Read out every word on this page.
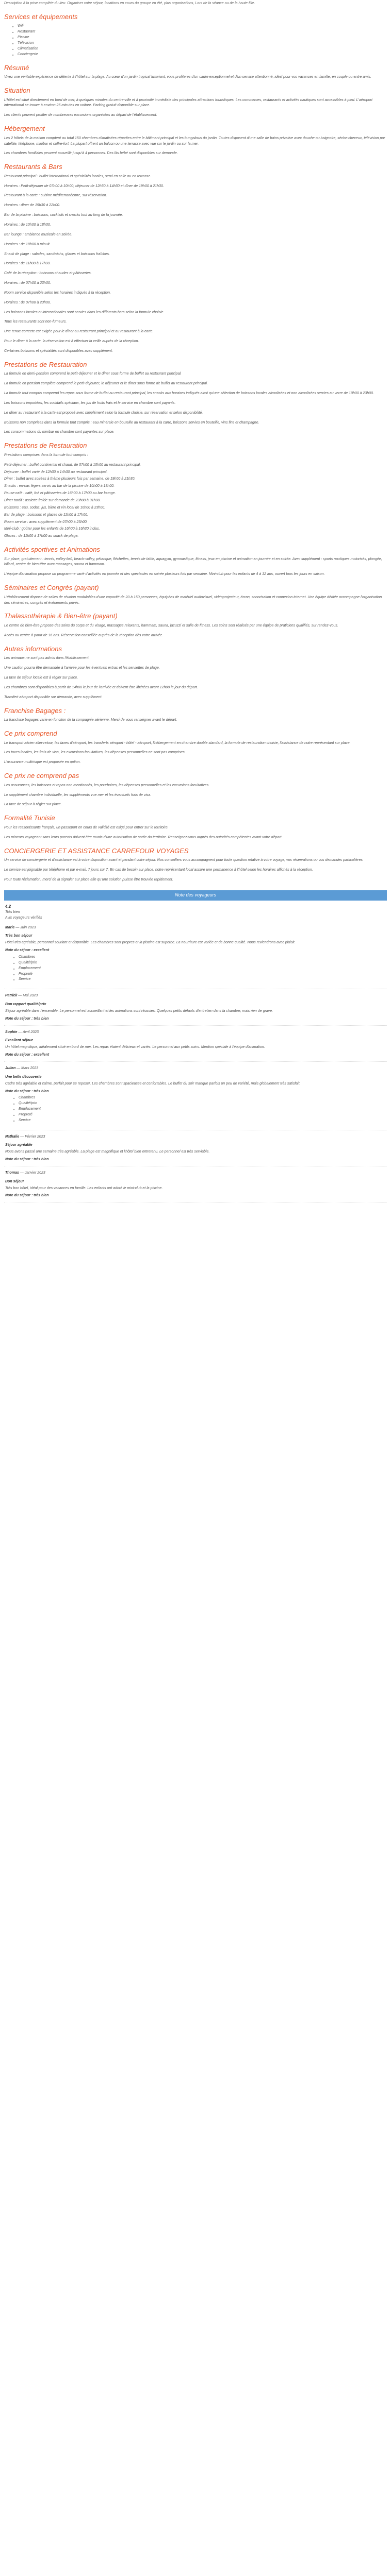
Description à la prise complète du lieu: Organiser votre séjour, locations en cours du groupe en été, plus organisations, Lors de la séance ou de la haute fille.

Services et équipements
■ Wifi
■ Restaurant
■ Piscine
■ Télévision
■ Climatisation
■ Conciergerie
Résumé

Vivez une véritable expérience de détente à l'hôtel sur la plage. Au cœur d'un jardin tropical luxuriant, vous profiterez d'un cadre exceptionnel et d'un service attentionné, idéal pour vos vacances en famille, en couple ou entre amis.

Situation

L'hôtel est situé directement en bord de mer, à quelques minutes du centre-ville et à proximité immédiate des principales attractions touristiques. Les commerces, restaurants et activités nautiques sont accessibles à pied. L'aéroport international se trouve à environ 25 minutes en voiture. Parking gratuit disponible sur place.

Les clients peuvent profiter de nombreuses excursions organisées au départ de l'établissement.

Hébergement

Les 2 hôtels de la maison comptent au total 150 chambres climatisées réparties entre le bâtiment principal et les bungalows du jardin. Toutes disposent d'une salle de bains privative avec douche ou baignoire, sèche-cheveux, télévision par satellite, téléphone, minibar et coffre-fort. La plupart offrent un balcon ou une terrasse avec vue sur le jardin ou sur la mer.

Les chambres familiales peuvent accueillir jusqu'à 4 personnes. Des lits bébé sont disponibles sur demande.

Restaurants & Bars

Restaurant principal : buffet international et spécialités locales, servi en salle ou en terrasse.

Horaires : Petit-déjeuner de 07h00 à 10h00, déjeuner de 12h30 à 14h30 et dîner de 19h00 à 21h30.

Restaurant à la carte : cuisine méditerranéenne, sur réservation.

Horaires : dîner de 19h30 à 22h00.

Bar de la piscine : boissons, cocktails et snacks tout au long de la journée.

Horaires : de 10h00 à 18h00.

Bar lounge : ambiance musicale en soirée.

Horaires : de 18h00 à minuit.

Snack de plage : salades, sandwichs, glaces et boissons fraîches.

Horaires : de 11h00 à 17h00.

Café de la réception : boissons chaudes et pâtisseries.

Horaires : de 07h00 à 23h00.

Room service disponible selon les horaires indiqués à la réception.

Horaires : de 07h00 à 23h00.

Les boissons locales et internationales sont servies dans les différents bars selon la formule choisie.

Tous les restaurants sont non-fumeurs.

Une tenue correcte est exigée pour le dîner au restaurant principal et au restaurant à la carte.

Pour le dîner à la carte, la réservation est à effectuer la veille auprès de la réception.

Certaines boissons et spécialités sont disponibles avec supplément.

Prestations de Restauration

La formule en demi-pension comprend le petit-déjeuner et le dîner sous forme de buffet au restaurant principal.

La formule en pension complète comprend le petit-déjeuner, le déjeuner et le dîner sous forme de buffet au restaurant principal.

La formule tout compris comprend les repas sous forme de buffet au restaurant principal, les snacks aux horaires indiqués ainsi qu'une sélection de boissons locales alcoolisées et non alcoolisées servies au verre de 10h00 à 23h00.

Les boissons importées, les cocktails spéciaux, les jus de fruits frais et le service en chambre sont payants.

Le dîner au restaurant à la carte est proposé avec supplément selon la formule choisie, sur réservation et selon disponibilité.

Boissons non comprises dans la formule tout compris : eau minérale en bouteille au restaurant à la carte, boissons servies en bouteille, vins fins et champagne.

Les consommations du minibar en chambre sont payantes sur place.

Prestations de Restauration

Prestations comprises dans la formule tout compris :

Petit-déjeuner : buffet continental et chaud, de 07h00 à 10h00 au restaurant principal.

Déjeuner : buffet varié de 12h30 à 14h30 au restaurant principal.

Dîner : buffet avec soirées à thème plusieurs fois par semaine, de 19h00 à 21h30.

Snacks : en-cas légers servis au bar de la piscine de 10h00 à 18h00.

Pause-café : café, thé et pâtisseries de 16h00 à 17h00 au bar lounge.

Dîner tardif : assiette froide sur demande de 23h00 à 01h00.

Boissons : eau, sodas, jus, bière et vin local de 10h00 à 23h00.

Bar de plage : boissons et glaces de 11h00 à 17h00.

Room service : avec supplément de 07h00 à 23h00.

Mini-club : goûter pour les enfants de 16h00 à 16h30 inclus.

Glaces : de 11h00 à 17h00 au snack de plage.

Activités sportives et Animations

Sur place, gratuitement : tennis, volley-ball, beach-volley, pétanque, fléchettes, tennis de table, aquagym, gymnastique, fitness, jeux en piscine et animation en journée et en soirée. Avec supplément : sports nautiques motorisés, plongée, billard, centre de bien-être avec massages, sauna et hammam.

L'équipe d'animation propose un programme varié d'activités en journée et des spectacles en soirée plusieurs fois par semaine. Mini-club pour les enfants de 4 à 12 ans, ouvert tous les jours en saison.

Séminaires et Congrès (payant)

L'établissement dispose de salles de réunion modulables d'une capacité de 20 à 150 personnes, équipées de matériel audiovisuel, vidéoprojecteur, écran, sonorisation et connexion internet. Une équipe dédiée accompagne l'organisation des séminaires, congrès et événements privés.

Thalassothérapie & Bien-être (payant)

Le centre de bien-être propose des soins du corps et du visage, massages relaxants, hammam, sauna, jacuzzi et salle de fitness. Les soins sont réalisés par une équipe de praticiens qualifiés, sur rendez-vous.

Accès au centre à partir de 16 ans. Réservation conseillée auprès de la réception dès votre arrivée.

Autres informations

Les animaux ne sont pas admis dans l'établissement.

Une caution pourra être demandée à l'arrivée pour les éventuels extras et les serviettes de plage.

La taxe de séjour locale est à régler sur place.

Les chambres sont disponibles à partir de 14h00 le jour de l'arrivée et doivent être libérées avant 12h00 le jour du départ.

Transfert aéroport disponible sur demande, avec supplément.

Franchise Bagages :

La franchise bagages varie en fonction de la compagnie aérienne. Merci de vous renseigner avant le départ.

Ce prix comprend

Le transport aérien aller-retour, les taxes d'aéroport, les transferts aéroport - hôtel - aéroport, l'hébergement en chambre double standard, la formule de restauration choisie, l'assistance de notre représentant sur place.

Les taxes locales, les frais de visa, les excursions facultatives, les dépenses personnelles ne sont pas comprises.

L'assurance multirisque est proposée en option.

Ce prix ne comprend pas

Les assurances, les boissons et repas non mentionnés, les pourboires, les dépenses personnelles et les excursions facultatives.

Le supplément chambre individuelle, les suppléments vue mer et les éventuels frais de visa.

La taxe de séjour à régler sur place.

Formalité Tunisie

Pour les ressortissants français, un passeport en cours de validité est exigé pour entrer sur le territoire.

Les mineurs voyageant sans leurs parents doivent être munis d'une autorisation de sortie du territoire. Renseignez-vous auprès des autorités compétentes avant votre départ.

CONCIERGERIE ET ASSISTANCE CARREFOUR VOYAGES

Un service de conciergerie et d'assistance est à votre disposition avant et pendant votre séjour. Nos conseillers vous accompagnent pour toute question relative à votre voyage, vos réservations ou vos demandes particulières.

Le service est joignable par téléphone et par e-mail, 7 jours sur 7. En cas de besoin sur place, notre représentant local assure une permanence à l'hôtel selon les horaires affichés à la réception.

Pour toute réclamation, merci de la signaler sur place afin qu'une solution puisse être trouvée rapidement.

Note des voyageurs
4.2
Très bien
Avis voyageurs vérifiés
Marie — Juin 2023
Très bon séjour
Hôtel très agréable, personnel souriant et disponible. Les chambres sont propres et la piscine est superbe. La nourriture est variée et de bonne qualité. Nous reviendrons avec plaisir.
Note du séjour : excellent
■ Chambres
■ Qualité/prix
■ Emplacement
■ Propreté
■ Service
Patrick — Mai 2023
Bon rapport qualité/prix
Séjour agréable dans l'ensemble. Le personnel est accueillant et les animations sont réussies. Quelques petits défauts d'entretien dans la chambre, mais rien de grave.
Note du séjour : très bien
Sophie — Avril 2023
Excellent séjour
Un hôtel magnifique, idéalement situé en bord de mer. Les repas étaient délicieux et variés. Le personnel aux petits soins. Mention spéciale à l'équipe d'animation.
Note du séjour : excellent
Julien — Mars 2023
Une belle découverte
Cadre très agréable et calme, parfait pour se reposer. Les chambres sont spacieuses et confortables. Le buffet du soir manque parfois un peu de variété, mais globalement très satisfait.
Note du séjour : très bien
■ Chambres
■ Qualité/prix
■ Emplacement
■ Propreté
■ Service
Nathalie — Février 2023
Séjour agréable
Nous avons passé une semaine très agréable. La plage est magnifique et l'hôtel bien entretenu. Le personnel est très serviable.
Note du séjour : très bien
Thomas — Janvier 2023
Bon séjour
Très bon hôtel, idéal pour des vacances en famille. Les enfants ont adoré le mini-club et la piscine.
Note du séjour : très bien
